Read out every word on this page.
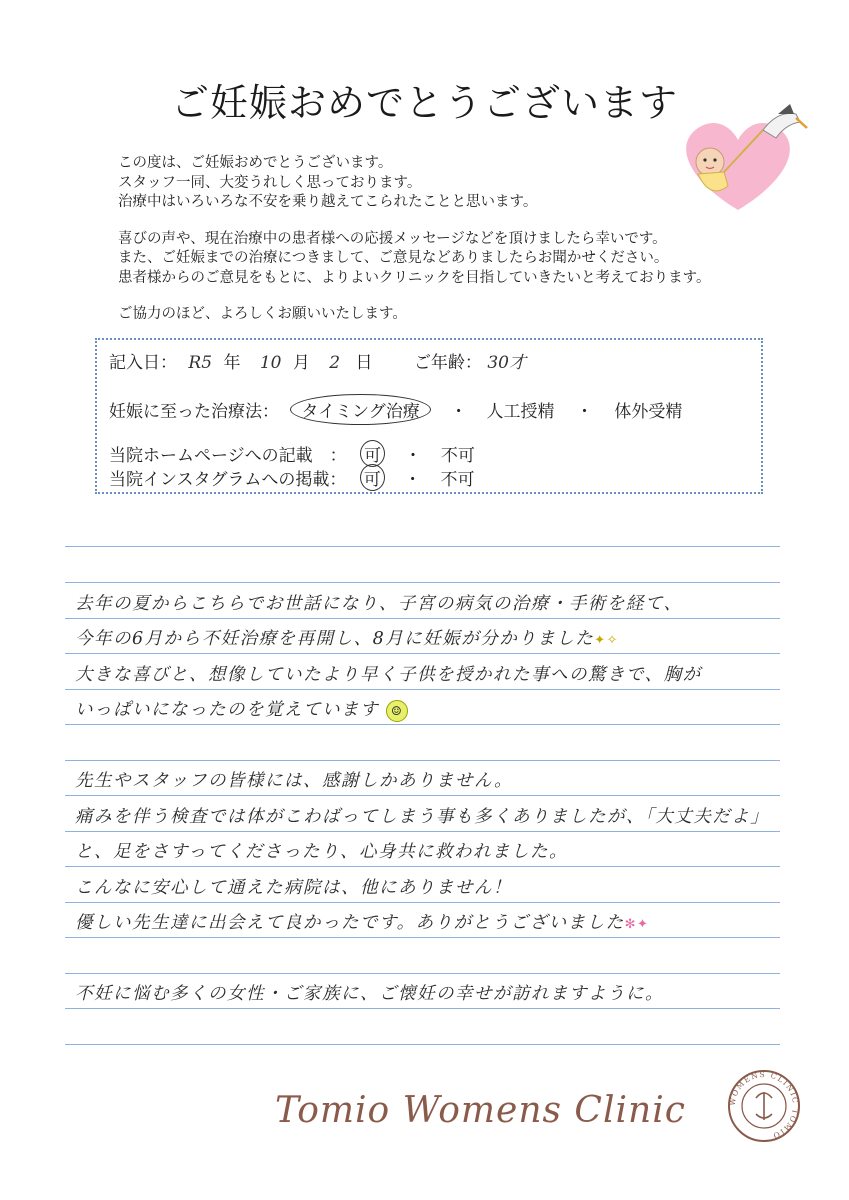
ご妊娠おめでとうございます

この度は、ご妊娠おめでとうございます。
スタッフ一同、大変うれしく思っております。
治療中はいろいろな不安を乗り越えてこられたことと思います。

喜びの声や、現在治療中の患者様への応援メッセージなどを頂けましたら幸いです。
また、ご妊娠までの治療につきまして、ご意見などありましたらお聞かせください。
患者様からのご意見をもとに、よりよいクリニックを目指していきたいと考えております。

ご協力のほど、よろしくお願いいたします。

記入日： R5 年 10 月 2 日 ご年齢： 30才
妊娠に至った治療法： タイミング治療 ・ 人工授精 ・ 体外受精
当院ホームページへの記載　： 可 ・ 不可
当院インスタグラムへの掲載： 可 ・ 不可
去年の夏からこちらでお世話になり、子宮の病気の治療・手術を経て、
今年の6月から不妊治療を再開し、8月に妊娠が分かりました✦✧
大きな喜びと、想像していたより早く子供を授かれた事への驚きで、胸が
いっぱいになったのを覚えています ☺
先生やスタッフの皆様には、感謝しかありません。
痛みを伴う検査では体がこわばってしまう事も多くありましたが、「大丈夫だよ」
と、足をさすってくださったり、心身共に救われました。
こんなに安心して通えた病院は、他にありません！
優しい先生達に出会えて良かったです。ありがとうございました✻✦
不妊に悩む多くの女性・ご家族に、ご懐妊の幸せが訪れますように。
Tomio Womens Clinic	WOMENS CLINIC TOMIO
